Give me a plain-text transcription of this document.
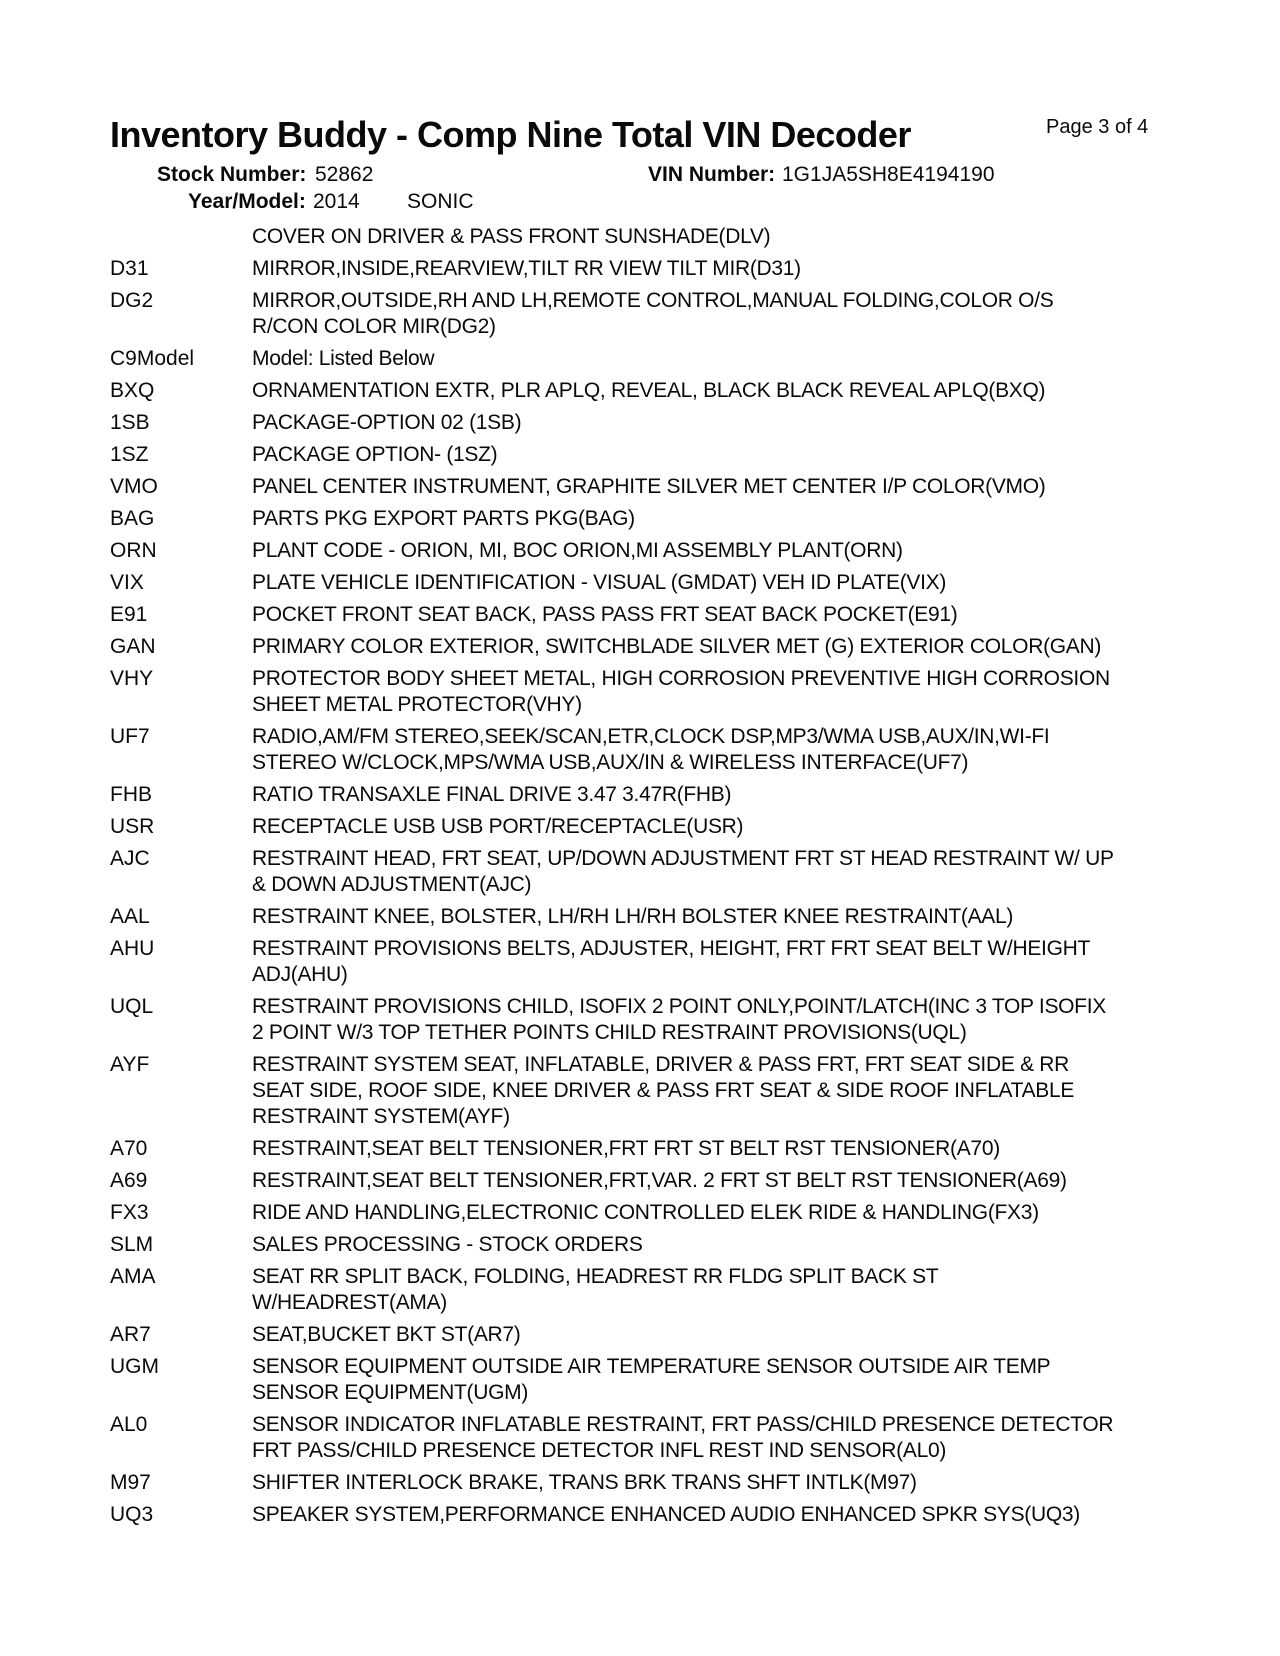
Inventory Buddy - Comp Nine Total VIN Decoder	Page 3 of 4
Stock Number: 52862	VIN Number: 1G1JA5SH8E4194190
Year/Model: 2014 SONIC
COVER ON DRIVER & PASS FRONT SUNSHADE(DLV)
D31	MIRROR,INSIDE,REARVIEW,TILT RR VIEW TILT MIR(D31)
DG2	MIRROR,OUTSIDE,RH AND LH,REMOTE CONTROL,MANUAL FOLDING,COLOR O/S R/CON COLOR MIR(DG2)
C9Model	Model: Listed Below
BXQ	ORNAMENTATION EXTR, PLR APLQ, REVEAL, BLACK BLACK REVEAL APLQ(BXQ)
1SB	PACKAGE-OPTION 02 (1SB)
1SZ	PACKAGE OPTION- (1SZ)
VMO	PANEL CENTER INSTRUMENT, GRAPHITE SILVER MET CENTER I/P COLOR(VMO)
BAG	PARTS PKG EXPORT PARTS PKG(BAG)
ORN	PLANT CODE - ORION, MI, BOC ORION,MI ASSEMBLY PLANT(ORN)
VIX	PLATE VEHICLE IDENTIFICATION - VISUAL (GMDAT) VEH ID PLATE(VIX)
E91	POCKET FRONT SEAT BACK, PASS PASS FRT SEAT BACK POCKET(E91)
GAN	PRIMARY COLOR EXTERIOR, SWITCHBLADE SILVER MET (G) EXTERIOR COLOR(GAN)
VHY	PROTECTOR BODY SHEET METAL, HIGH CORROSION PREVENTIVE HIGH CORROSION SHEET METAL PROTECTOR(VHY)
UF7	RADIO,AM/FM STEREO,SEEK/SCAN,ETR,CLOCK DSP,MP3/WMA USB,AUX/IN,WI-FI STEREO W/CLOCK,MPS/WMA USB,AUX/IN & WIRELESS INTERFACE(UF7)
FHB	RATIO TRANSAXLE FINAL DRIVE 3.47 3.47R(FHB)
USR	RECEPTACLE USB USB PORT/RECEPTACLE(USR)
AJC	RESTRAINT HEAD, FRT SEAT, UP/DOWN ADJUSTMENT FRT ST HEAD RESTRAINT W/ UP & DOWN ADJUSTMENT(AJC)
AAL	RESTRAINT KNEE, BOLSTER, LH/RH LH/RH BOLSTER KNEE RESTRAINT(AAL)
AHU	RESTRAINT PROVISIONS BELTS, ADJUSTER, HEIGHT, FRT FRT SEAT BELT W/HEIGHT ADJ(AHU)
UQL	RESTRAINT PROVISIONS CHILD, ISOFIX 2 POINT ONLY,POINT/LATCH(INC 3 TOP ISOFIX 2 POINT W/3 TOP TETHER POINTS CHILD RESTRAINT PROVISIONS(UQL)
AYF	RESTRAINT SYSTEM SEAT, INFLATABLE, DRIVER & PASS FRT, FRT SEAT SIDE & RR SEAT SIDE, ROOF SIDE, KNEE DRIVER & PASS FRT SEAT & SIDE ROOF INFLATABLE RESTRAINT SYSTEM(AYF)
A70	RESTRAINT,SEAT BELT TENSIONER,FRT FRT ST BELT RST TENSIONER(A70)
A69	RESTRAINT,SEAT BELT TENSIONER,FRT,VAR. 2 FRT ST BELT RST TENSIONER(A69)
FX3	RIDE AND HANDLING,ELECTRONIC CONTROLLED ELEK RIDE & HANDLING(FX3)
SLM	SALES PROCESSING - STOCK ORDERS
AMA	SEAT RR SPLIT BACK, FOLDING, HEADREST RR FLDG SPLIT BACK ST W/HEADREST(AMA)
AR7	SEAT,BUCKET BKT ST(AR7)
UGM	SENSOR EQUIPMENT OUTSIDE AIR TEMPERATURE SENSOR OUTSIDE AIR TEMP SENSOR EQUIPMENT(UGM)
AL0	SENSOR INDICATOR INFLATABLE RESTRAINT, FRT PASS/CHILD PRESENCE DETECTOR FRT PASS/CHILD PRESENCE DETECTOR INFL REST IND SENSOR(AL0)
M97	SHIFTER INTERLOCK BRAKE, TRANS BRK TRANS SHFT INTLK(M97)
UQ3	SPEAKER SYSTEM,PERFORMANCE ENHANCED AUDIO ENHANCED SPKR SYS(UQ3)
